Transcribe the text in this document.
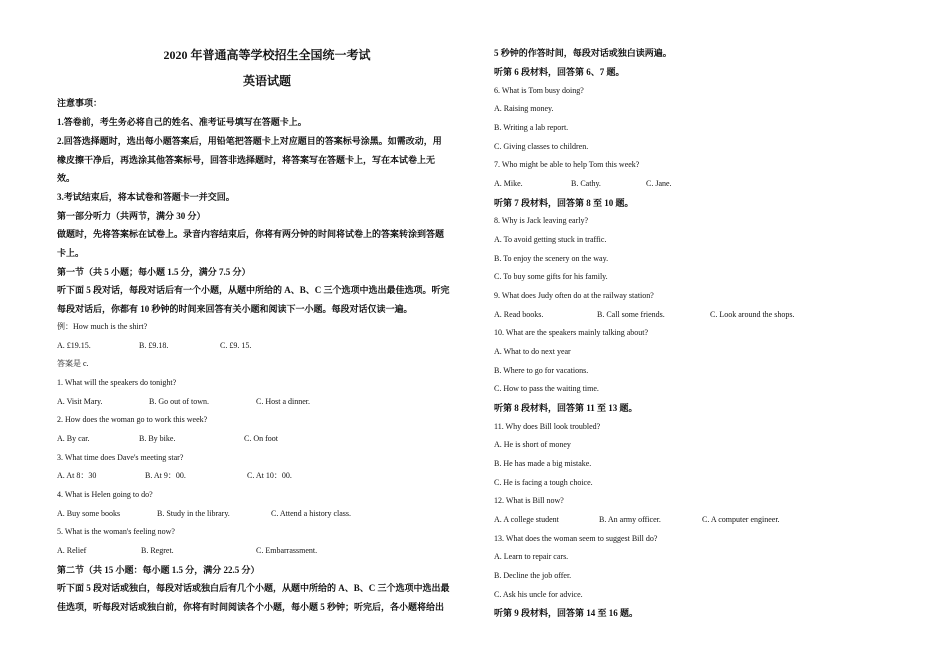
2020 年普通高等学校招生全国统一考试
英语试题
注意事项：
1.答卷前，考生务必将自己的姓名、准考证号填写在答题卡上。
2.回答选择题时，选出每小题答案后，用铅笔把答题卡上对应题目的答案标号涂黑。如需改动，用
橡皮擦干净后，再选涂其他答案标号，回答非选择题时，将答案写在答题卡上，写在本试卷上无
效。
3.考试结束后，将本试卷和答题卡一并交回。
第一部分听力（共两节，满分 30 分）
做题时，先将答案标在试卷上。录音内容结束后，你将有两分钟的时间将试卷上的答案转涂到答题
卡上。
第一节（共 5 小题；每小题 1.5 分，满分 7.5 分）
听下面 5 段对话，每段对话后有一个小题，从题中所给的 A、B、C 三个选项中选出最佳选项。听完
每段对话后，你都有 10 秒钟的时间来回答有关小题和阅读下一小题。每段对话仅读一遍。
例：How much is the shirt?
A. £19.15.	B. £9.18.	C. £9. 15.
答案是 c.
1. What will the speakers do tonight?
A. Visit Mary.	B. Go out of town.	C. Host a dinner.
2. How does the woman go to work this week?
A. By car.	B. By bike.	C. On foot
3. What time does Dave's meeting star?
A. At 8：30	B. At 9：00.	C. At 10：00.
4. What is Helen going to do?
A. Buy some books	B. Study in the library.	C. Attend a history class.
5. What is the woman's feeling now?
A. Relief	B. Regret.	C. Embarrassment.
第二节（共 15 小题：每小题 1.5 分，满分 22.5 分）
听下面 5 段对话或独白，每段对话或独白后有几个小题，从题中所给的 A、B、C 三个选项中选出最
佳选项，听每段对话或独白前，你将有时间阅读各个小题，每小题 5 秒钟；听完后，各小题将给出
5 秒钟的作答时间，每段对话或独白读两遍。
听第 6 段材料，回答第 6、7 题。
6. What is Tom busy doing?
A. Raising money.
B. Writing a lab report.
C. Giving classes to children.
7. Who might be able to help Tom this week?
A. Mike.	B. Cathy.	C. Jane.
听第 7 段材料，回答第 8 至 10 题。
8. Why is Jack leaving early?
A. To avoid getting stuck in traffic.
B. To enjoy the scenery on the way.
C. To buy some gifts for his family.
9. What does Judy often do at the railway station?
A. Read books.	B. Call some friends.	C. Look around the shops.
10. What are the speakers mainly talking about?
A. What to do next year
B. Where to go for vacations.
C. How to pass the waiting time.
听第 8 段材料，回答第 11 至 13 题。
11. Why does Bill look troubled?
A. He is short of money
B. He has made a big mistake.
C. He is facing a tough choice.
12. What is Bill now?
A. A college student	B. An army officer.	C. A computer engineer.
13. What does the woman seem to suggest Bill do?
A. Learn to repair cars.
B. Decline the job offer.
C. Ask his uncle for advice.
听第 9 段材料，回答第 14 至 16 题。
